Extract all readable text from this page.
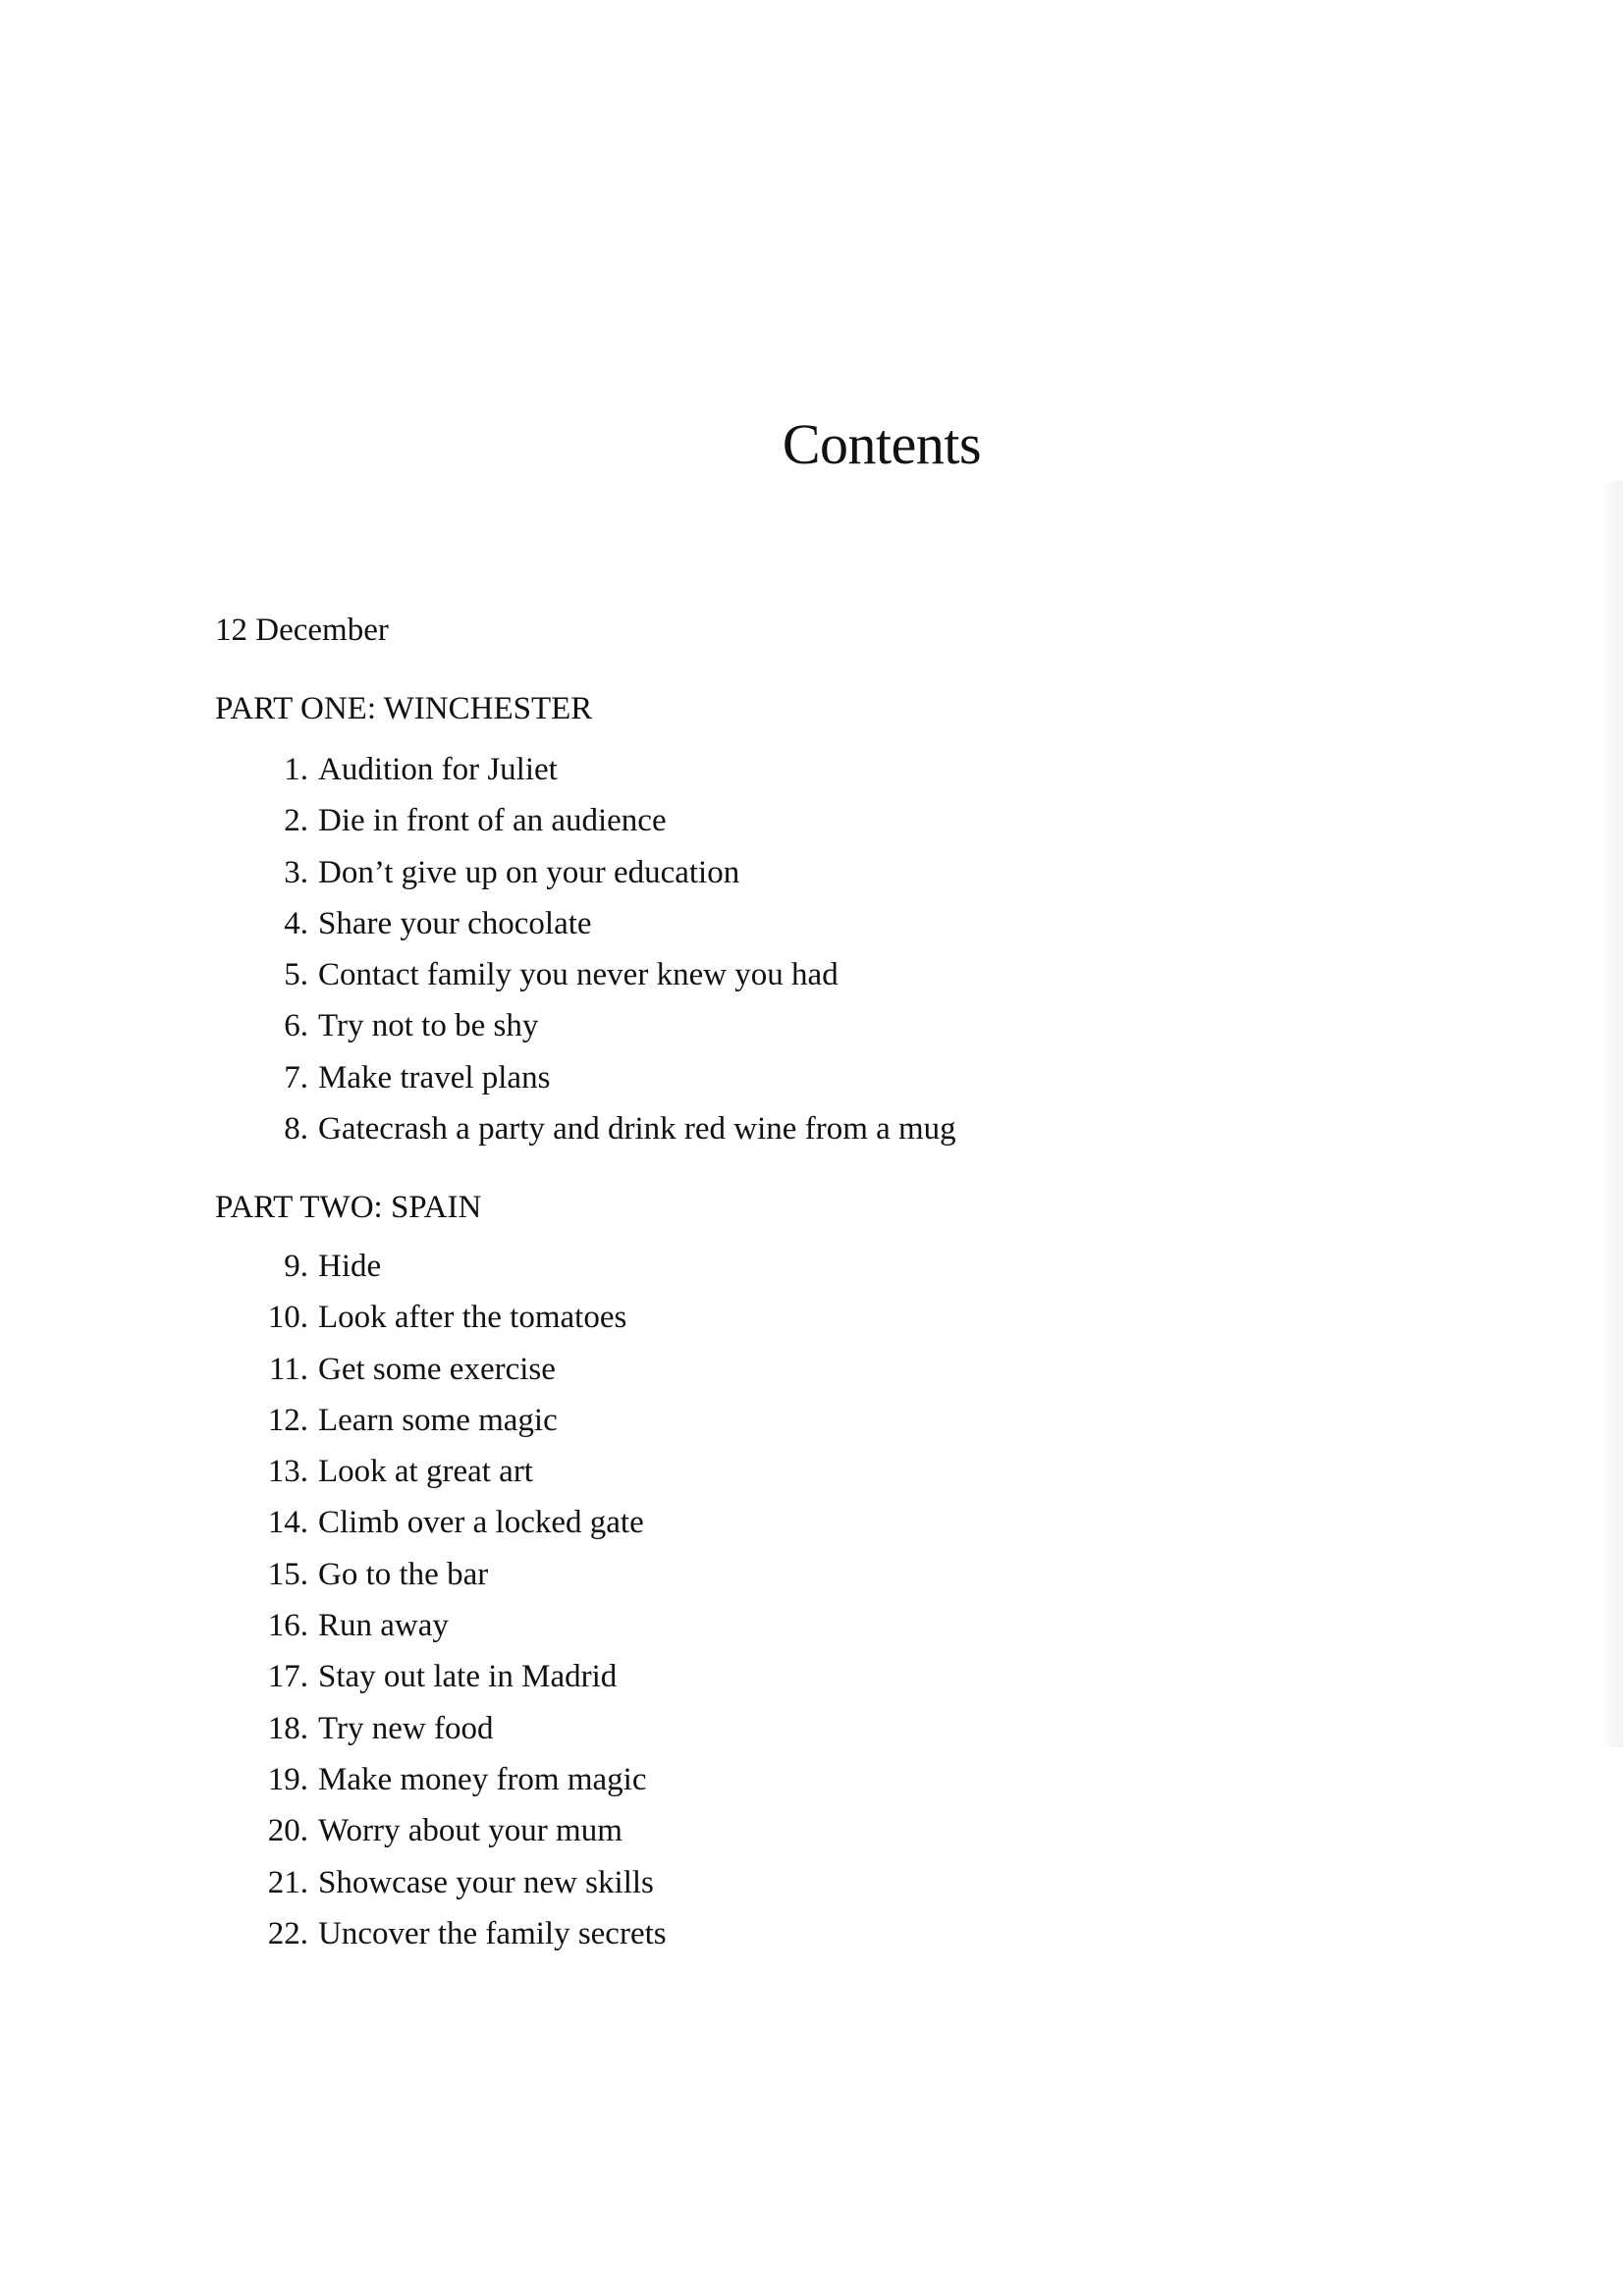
Contents
12 December
PART ONE: WINCHESTER
1. Audition for Juliet
2. Die in front of an audience
3. Don’t give up on your education
4. Share your chocolate
5. Contact family you never knew you had
6. Try not to be shy
7. Make travel plans
8. Gatecrash a party and drink red wine from a mug
PART TWO: SPAIN
9. Hide
10. Look after the tomatoes
11. Get some exercise
12. Learn some magic
13. Look at great art
14. Climb over a locked gate
15. Go to the bar
16. Run away
17. Stay out late in Madrid
18. Try new food
19. Make money from magic
20. Worry about your mum
21. Showcase your new skills
22. Uncover the family secrets
